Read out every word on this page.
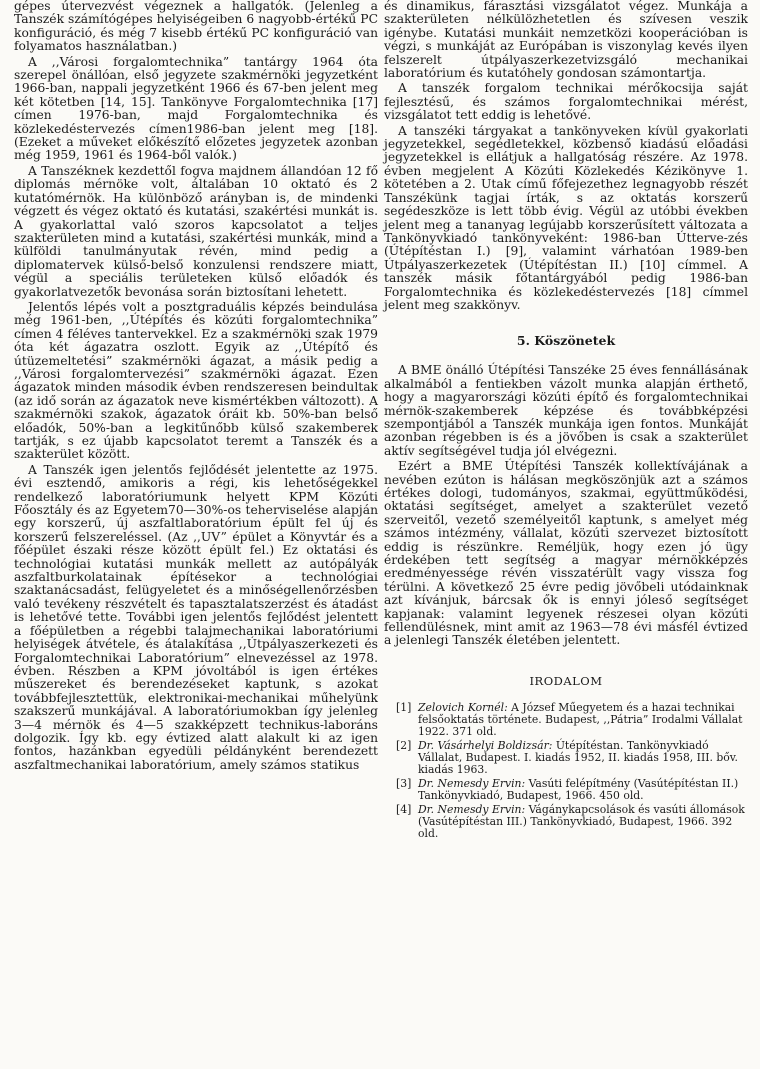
gépes útervezvést végeznek a hallgatók. (Jelenleg a Tanszék számítógépes helyiségeiben 6 nagyobb-értékű PC konfiguráció, és még 7 kisebb értékű PC konfiguráció van folyamatos használatban.)

A ,,Városi forgalomtechnika” tantárgy 1964 óta szerepel önállóan, első jegyzete szakmérnöki jegyzetként 1966-ban, nappali jegyzetként 1966 és 67-ben jelent meg két kötetben [14, 15]. Tankönyve Forgalomtechnika [17] címen 1976-ban, majd Forgalomtechnika és közlekedéstervezés címen1986-ban jelent meg [18]. (Ezeket a műveket előkészítő előzetes jegyzetek azonban még 1959, 1961 és 1964-ből valók.)

A Tanszéknek kezdettől fogva majdnem állandóan 12 fő diplomás mérnöke volt, általában 10 oktató és 2 kutatómérnök. Ha különböző arányban is, de mindenki végzett és végez oktató és kutatási, szakértési munkát is. A gyakorlattal való szoros kapcsolatot a teljes szakterületen mind a kutatási, szakértési munkák, mind a külföldi tanulmányutak révén, mind pedig a diplomatervek külső-belső konzulensi rendszere miatt, végül a speciális területeken külső előadók és gyakorlatvezetők bevonása során biztosítani lehetett.

Jelentős lépés volt a posztgraduális képzés beindulása még 1961-ben, ,,Útépítés és közúti forgalomtechnika” címen 4 féléves tantervekkel. Ez a szakmérnöki szak 1979 óta két ágazatra oszlott. Egyik az ,,Útépítő és útüzemeltetési” szakmérnöki ágazat, a másik pedig a ,,Városi forgalomtervezési” szakmérnöki ágazat. Ezen ágazatok minden második évben rendszeresen beindultak (az idő során az ágazatok neve kismértékben változott). A szakmérnöki szakok, ágazatok óráit kb. 50%-ban belső előadók, 50%-ban a legkitűnőbb külső szakemberek tartják, s ez újabb kapcsolatot teremt a Tanszék és a szakterület között.

A Tanszék igen jelentős fejlődését jelentette az 1975. évi esztendő, amikoris a régi, kis lehetőségekkel rendelkező laboratóriumunk helyett KPM Közúti Főosztály és az Egyetem70—30%-os teherviselése alapján egy korszerű, új aszfaltlaboratórium épült fel új és korszerű felszereléssel. (Az ,,UV” épület a Könyvtár és a főépület északi része között épült fel.) Ez oktatási és technológiai kutatási munkák mellett az autópályák aszfaltburkolatainak építésekor a technológiai szaktanácsadást, felügyeletet és a minőségellenőrzésben való tevékeny részvételt és tapasztalatszerzést és átadást is lehetővé tette. További igen jelentős fejlődést jelentett a főépületben a régebbi talajmechanikai laboratóriumi helyiségek átvétele, és átalakítása ,,Útpályaszerkezeti és Forgalomtechnikai Laboratórium” elnevezéssel az 1978. évben. Részben a KPM jóvoltából is igen értékes műszereket és berendezéseket kaptunk, s azokat továbbfejlesztettük, elektronikai-mechanikai műhelyünk szakszerű munkájával. A laboratóriumokban így jelenleg 3—4 mérnök és 4—5 szakképzett technikus-laboráns dolgozik. Így kb. egy évtized alatt alakult ki az igen fontos, hazánkban egyedüli példányként berendezett aszfaltmechanikai laboratórium, amely számos statikus

és dinamikus, fárasztási vizsgálatot végez. Munkája a szakterületen nélkülözhetetlen és szívesen veszik igénybe. Kutatási munkáit nemzetközi kooperációban is végzi, s munkáját az Európában is viszonylag kevés ilyen felszerelt útpályaszerkezetvizsgáló mechanikai laboratórium és kutatóhely gondosan számontartja.

A tanszék forgalom technikai mérőkocsija saját fejlesztésű, és számos forgalomtechnikai mérést, vizsgálatot tett eddig is lehetővé.

A tanszéki tárgyakat a tankönyveken kívül gyakorlati jegyzetekkel, segédletekkel, közbenső kiadású előadási jegyzetekkel is ellátjuk a hallgatóság részére. Az 1978. évben megjelent A Közúti Közlekedés Kézikönyve 1. kötetében a 2. Utak című főfejezethez legnagyobb részét Tanszékünk tagjai írták, s az oktatás korszerű segédeszköze is lett több évig. Végül az utóbbi években jelent meg a tananyag legújabb korszerűsített változata a Tankönyvkiadó tankönyveként: 1986-ban Útterve-zés (Útépítéstan I.) [9], valamint várhatóan 1989-ben Útpályaszerkezetek (Útépítéstan II.) [10] címmel. A tanszék másik főtantárgyából pedig 1986-ban Forgalomtechnika és közlekedéstervezés [18] címmel jelent meg szakkönyv.

5. Köszönetek

A BME önálló Útépítési Tanszéke 25 éves fennállásának alkalmából a fentiekben vázolt munka alapján érthető, hogy a magyarországi közúti építő és forgalomtechnikai mérnök-szakemberek képzése és továbbképzési szempontjából a Tanszék munkája igen fontos. Munkáját azonban régebben is és a jövőben is csak a szakterület aktív segítségével tudja jól elvégezni.

Ezért a BME Útépítési Tanszék kollektívájának a nevében ezúton is hálásan megköszönjük azt a számos értékes dologi, tudományos, szakmai, együttműködési, oktatási segítséget, amelyet a szakterület vezető szerveitől, vezető személyeitől kaptunk, s amelyet még számos intézmény, vállalat, közúti szervezet biztosított eddig is részünkre. Reméljük, hogy ezen jó ügy érdekében tett segítség a magyar mérnökképzés eredményessége révén visszatérült vagy vissza fog térülni. A következő 25 évre pedig jövőbeli utódainknak azt kívánjuk, bárcsak ők is ennyi jóleső segítséget kapjanak: valamint legyenek részesei olyan közúti fellendülésnek, mint amit az 1963—78 évi másfél évtized a jelenlegi Tanszék életében jelentett.

IRODALOM
[1] Zelovich Kornél: A József Műegyetem és a hazai technikai felsőoktatás története. Budapest, ,,Pátria” Irodalmi Vállalat 1922. 371 old.
[2] Dr. Vásárhelyi Boldizsár: Útépítéstan. Tankönyvkiadó Vállalat, Budapest. I. kiadás 1952, II. kiadás 1958, III. bőv. kiadás 1963.
[3] Dr. Nemesdy Ervin: Vasúti felépítmény (Vasútépítéstan II.) Tankönyvkiadó, Budapest, 1966. 450 old.
[4] Dr. Nemesdy Ervin: Vágánykapcsolások és vasúti állomások (Vasútépítéstan III.) Tankönyvkiadó, Budapest, 1966. 392 old.
